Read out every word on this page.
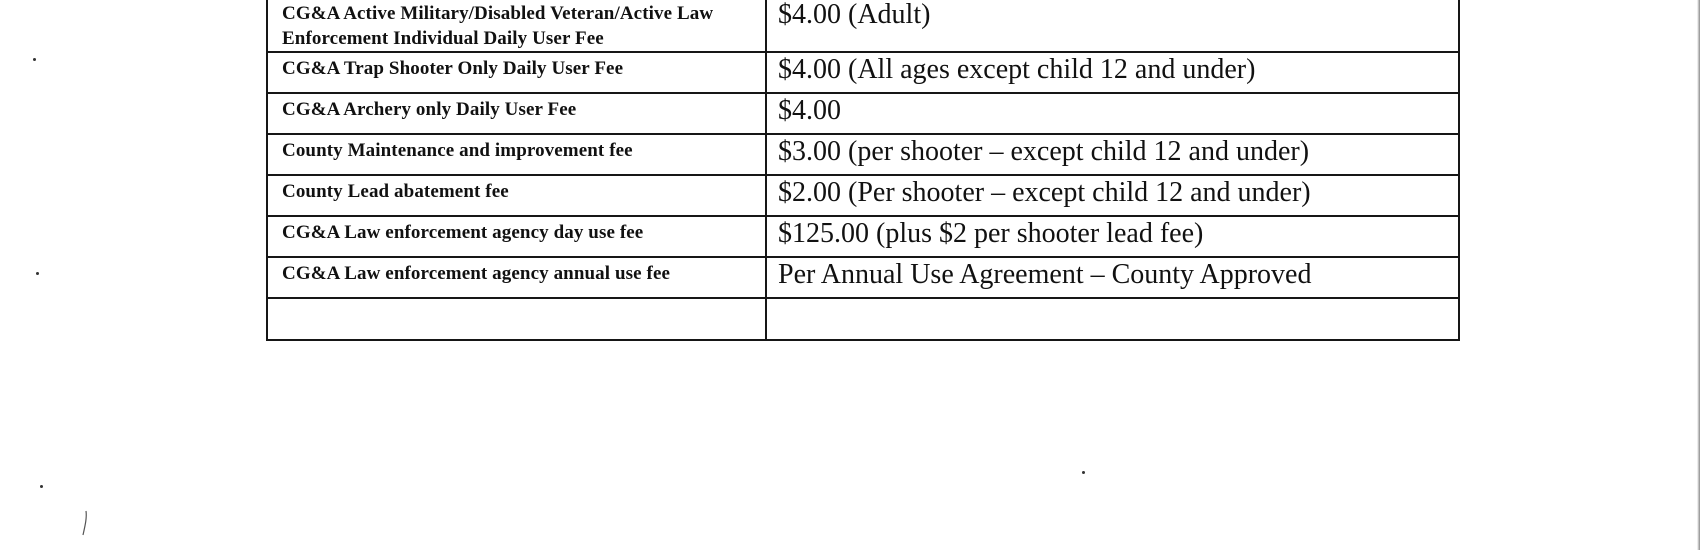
CG&A Active Military/Disabled Veteran/Active Law Enforcement Individual Daily User Fee	$4.00 (Adult)
CG&A Trap Shooter Only Daily User Fee	$4.00 (All ages except child 12 and under)
CG&A Archery only Daily User Fee	$4.00
County Maintenance and improvement fee	$3.00 (per shooter – except child 12 and under)
County Lead abatement fee	$2.00 (Per shooter – except child 12 and under)
CG&A Law enforcement agency day use fee	$125.00 (plus $2 per shooter lead fee)
CG&A Law enforcement agency annual use fee	Per Annual Use Agreement – County Approved
